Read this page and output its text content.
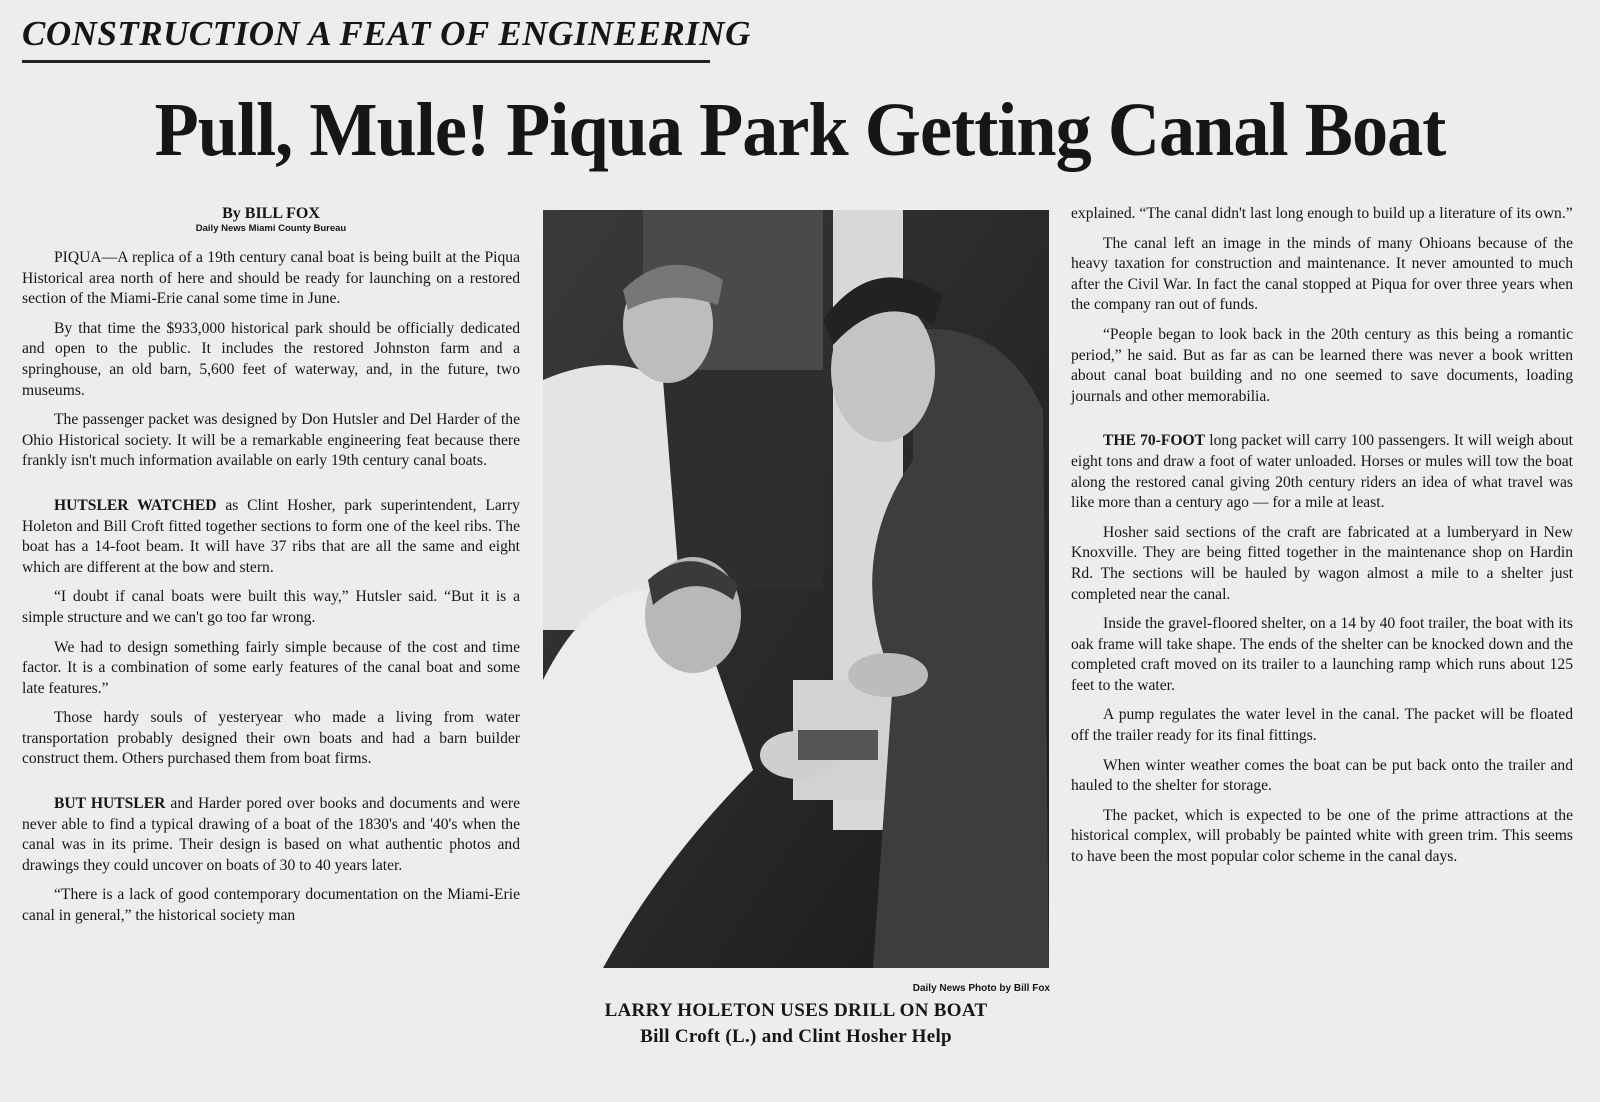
CONSTRUCTION A FEAT OF ENGINEERING
Pull, Mule! Piqua Park Getting Canal Boat
By BILL FOX
Daily News Miami County Bureau

PIQUA—A replica of a 19th century canal boat is being built at the Piqua Historical area north of here and should be ready for launching on a restored section of the Miami-Erie canal some time in June.

By that time the $933,000 historical park should be officially dedicated and open to the public. It includes the restored Johnston farm and a springhouse, an old barn, 5,600 feet of waterway, and, in the future, two museums.

The passenger packet was designed by Don Hutsler and Del Harder of the Ohio Historical society. It will be a remarkable engineering feat because there frankly isn't much information available on early 19th century canal boats.

HUTSLER WATCHED as Clint Hosher, park superintendent, Larry Holeton and Bill Croft fitted together sections to form one of the keel ribs. The boat has a 14-foot beam. It will have 37 ribs that are all the same and eight which are different at the bow and stern.

“I doubt if canal boats were built this way,” Hutsler said. “But it is a simple structure and we can't go too far wrong.

We had to design something fairly simple because of the cost and time factor. It is a combination of some early features of the canal boat and some late features.”

Those hardy souls of yesteryear who made a living from water transportation probably designed their own boats and had a barn builder construct them. Others purchased them from boat firms.

BUT HUTSLER and Harder pored over books and documents and were never able to find a typical drawing of a boat of the 1830's and '40's when the canal was in its prime. Their design is based on what authentic photos and drawings they could uncover on boats of 30 to 40 years later.

“There is a lack of good contemporary documentation on the Miami-Erie canal in general,” the historical society man

Daily News Photo by Bill Fox
LARRY HOLETON USES DRILL ON BOAT
Bill Croft (L.) and Clint Hosher Help

explained. “The canal didn't last long enough to build up a literature of its own.”

The canal left an image in the minds of many Ohioans because of the heavy taxation for construction and maintenance. It never amounted to much after the Civil War. In fact the canal stopped at Piqua for over three years when the company ran out of funds.

“People began to look back in the 20th century as this being a romantic period,” he said. But as far as can be learned there was never a book written about canal boat building and no one seemed to save documents, loading journals and other memorabilia.

THE 70-FOOT long packet will carry 100 passengers. It will weigh about eight tons and draw a foot of water unloaded. Horses or mules will tow the boat along the restored canal giving 20th century riders an idea of what travel was like more than a century ago — for a mile at least.

Hosher said sections of the craft are fabricated at a lumberyard in New Knoxville. They are being fitted together in the maintenance shop on Hardin Rd. The sections will be hauled by wagon almost a mile to a shelter just completed near the canal.

Inside the gravel-floored shelter, on a 14 by 40 foot trailer, the boat with its oak frame will take shape. The ends of the shelter can be knocked down and the completed craft moved on its trailer to a launching ramp which runs about 125 feet to the water.

A pump regulates the water level in the canal. The packet will be floated off the trailer ready for its final fittings.

When winter weather comes the boat can be put back onto the trailer and hauled to the shelter for storage.

The packet, which is expected to be one of the prime attractions at the historical complex, will probably be painted white with green trim. This seems to have been the most popular color scheme in the canal days.
